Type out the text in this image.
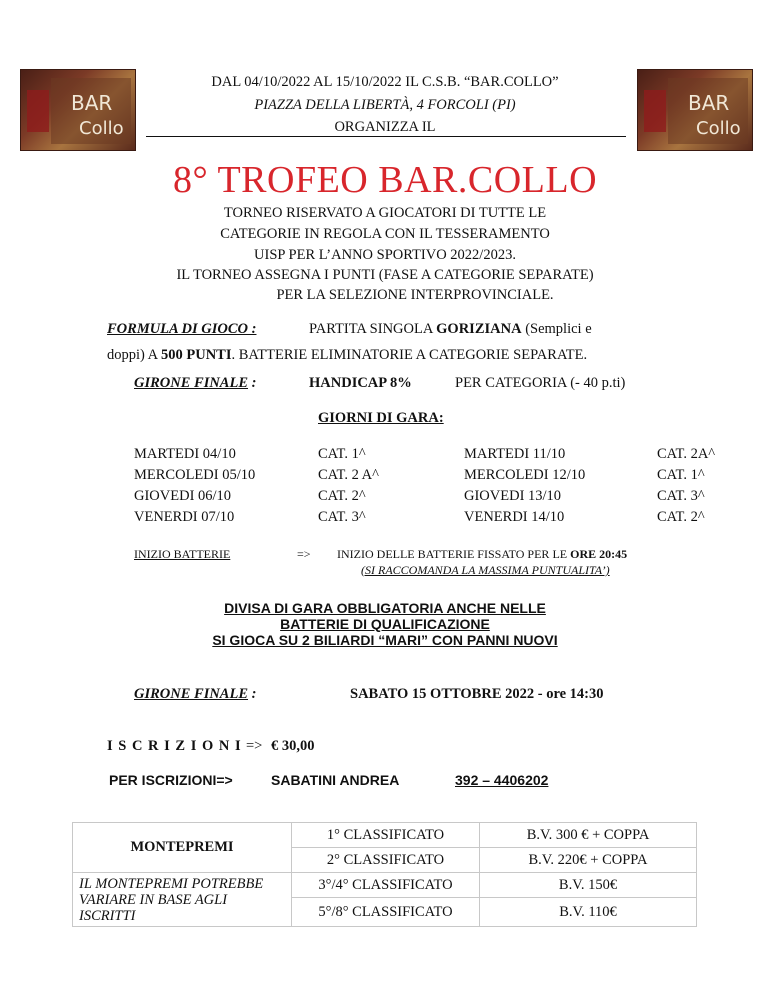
BAR
Collo
BAR
Collo
DAL 04/10/2022 AL 15/10/2022 IL C.S.B. “BAR.COLLO”
PIAZZA DELLA LIBERTÀ, 4 FORCOLI (PI)
ORGANIZZA IL
8° TROFEO BAR.COLLO
TORNEO RISERVATO A GIOCATORI DI TUTTE LE
CATEGORIE IN REGOLA CON IL TESSERAMENTO
UISP PER L’ANNO SPORTIVO 2022/2023.
IL TORNEO ASSEGNA I PUNTI (FASE A CATEGORIE SEPARATE)
PER LA SELEZIONE INTERPROVINCIALE.
FORMULA DI GIOCO :	PARTITA SINGOLA GORIZIANA (Semplici e
doppi) A 500 PUNTI. BATTERIE ELIMINATORIE A CATEGORIE SEPARATE.
GIRONE FINALE :	HANDICAP 8%	PER CATEGORIA (- 40 p.ti)
GIORNI DI GARA:
MARTEDI 04/10	CAT. 1^	MARTEDI 11/10	CAT. 2A^
MERCOLEDI 05/10	CAT. 2 A^	MERCOLEDI 12/10	CAT. 1^
GIOVEDI 06/10	CAT. 2^	GIOVEDI 13/10	CAT. 3^
VENERDI 07/10	CAT. 3^	VENERDI 14/10	CAT. 2^
INIZIO BATTERIE	=> INIZIO DELLE BATTERIE FISSATO PER LE ORE 20:45
(SI RACCOMANDA LA MASSIMA PUNTUALITA’)
DIVISA DI GARA OBBLIGATORIA ANCHE NELLE
BATTERIE DI QUALIFICAZIONE
SI GIOCA SU 2 BILIARDI “MARI” CON PANNI NUOVI
GIRONE FINALE :	SABATO 15 OTTOBRE 2022 - ore 14:30
I S C R I Z I O N I => € 30,00
PER ISCRIZIONI=>	SABATINI ANDREA	392 – 4406202
MONTEPREMI	1° CLASSIFICATO	B.V. 300 € + COPPA
	2° CLASSIFICATO	B.V. 220€ + COPPA

IL MONTEPREMI POTREBBE
VARIARE IN BASE AGLI
ISCRITTI	3°/4° CLASSIFICATO	B.V. 150€
	5°/8° CLASSIFICATO	B.V. 110€
